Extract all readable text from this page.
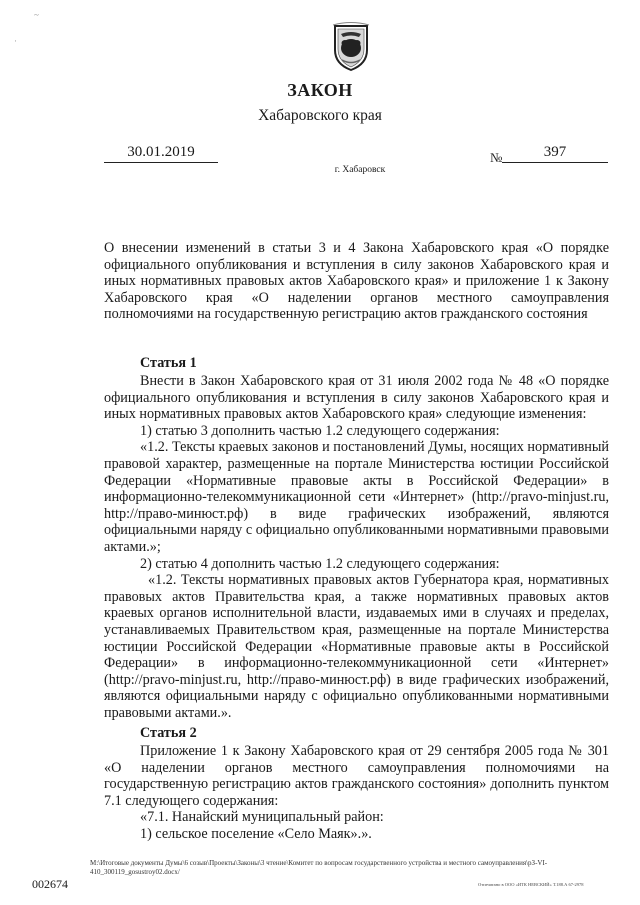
~
·
ЗАКОН
Хабаровского края
30.01.2019	№	397
г. Хабаровск

О внесении изменений в статьи 3 и 4 Закона Хабаровского края «О порядке официального опубликования и вступления в силу законов Хабаровского края и иных нормативных правовых актов Хабаровского края» и приложение 1 к Закону Хабаровского края «О наделении органов местного самоуправления полномочиями на государственную регистрацию актов гражданского состояния

Статья 1

Внести в Закон Хабаровского края от 31 июля 2002 года № 48 «О порядке официального опубликования и вступления в силу законов Хабаровского края и иных нормативных правовых актов Хабаровского края» следующие изменения:

1) статью 3 дополнить частью 1.2 следующего содержания:

«1.2. Тексты краевых законов и постановлений Думы, носящих нормативный правовой характер, размещенные на портале Министерства юстиции Российской Федерации «Нормативные правовые акты в Российской Федерации» в информационно-телекоммуникационной сети «Интернет» (http://pravo-minjust.ru, http://право-минюст.рф) в виде графических изображений, являются официальными наряду с официально опубликованными нормативными правовыми актами.»;

2) статью 4 дополнить частью 1.2 следующего содержания:

«1.2. Тексты нормативных правовых актов Губернатора края, нормативных правовых актов Правительства края, а также нормативных правовых актов краевых органов исполнительной власти, издаваемых ими в случаях и пределах, устанавливаемых Правительством края, размещенные на портале Министерства юстиции Российской Федерации «Нормативные правовые акты в Российской Федерации» в информационно-телекоммуникационной сети «Интернет» (http://pravo-minjust.ru, http://право-минюст.рф) в виде графических изображений, являются официальными наряду с официально опубликованными нормативными правовыми актами.».

Статья 2

Приложение 1 к Закону Хабаровского края от 29 сентября 2005 года № 301 «О наделении органов местного самоуправления полномочиями на государственную регистрацию актов гражданского состояния» дополнить пунктом 7.1 следующего содержания:

«7.1. Нанайский муниципальный район:

1) сельское поселение «Село Маяк».».

M:\Итоговые документы Думы\6 созыв\Проекты\Законы\3 чтение\Комитет по вопросам государственного устройства и местного самоуправления\рЗ-VI-410_300119_gosustroy02.docx/
002674	Отпечатано в ООО «ИТК НЕВСКИЙ» Т.188.А 67-2978
